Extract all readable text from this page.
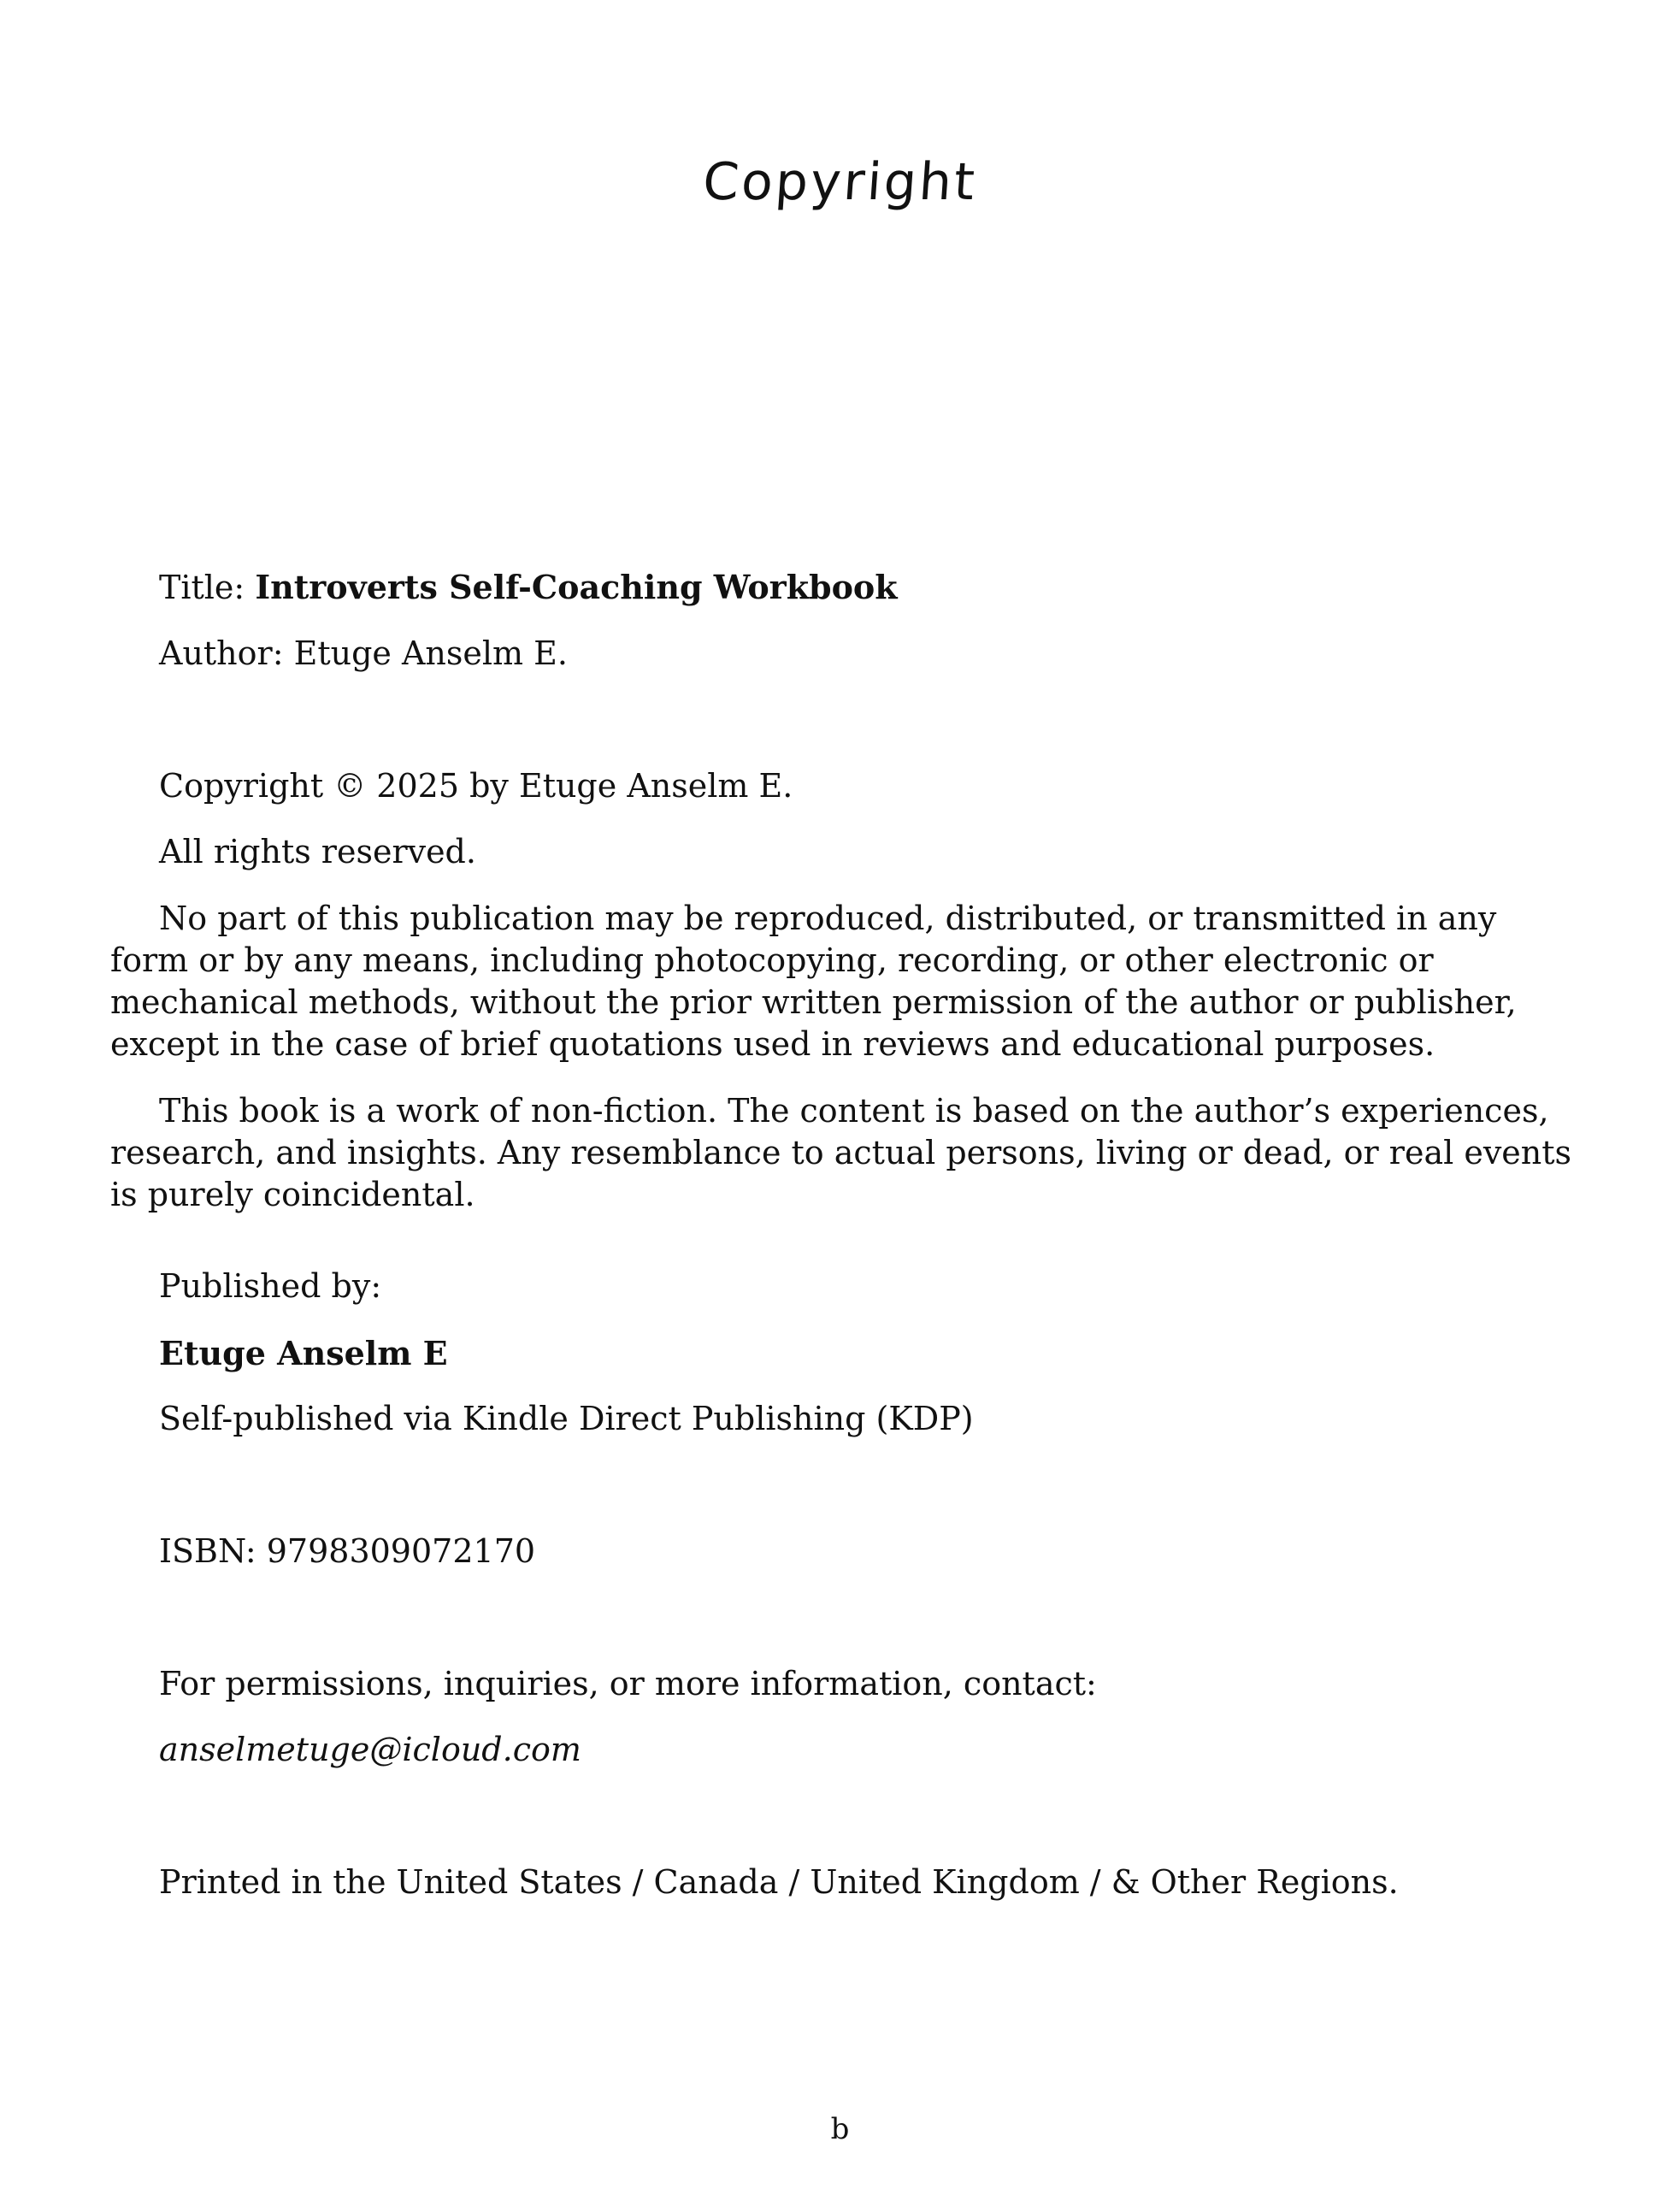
Copyright
Title: Introverts Self-Coaching Workbook
Author: Etuge Anselm E.
Copyright © 2025 by Etuge Anselm E.
All rights reserved.

No part of this publication may be reproduced, distributed, or transmitted in any form or by any means, including photocopying, recording, or other electronic or mechanical methods, without the prior written permission of the author or publisher, except in the case of brief quotations used in reviews and educational purposes.

This book is a work of non-fiction. The content is based on the author’s experiences, research, and insights. Any resemblance to actual persons, living or dead, or real events is purely coincidental.

Published by:
Etuge Anselm E
Self-published via Kindle Direct Publishing (KDP)
ISBN: 9798309072170
For permissions, inquiries, or more information, contact:
anselmetuge@icloud.com
Printed in the United States / Canada / United Kingdom / & Other Regions.
b
